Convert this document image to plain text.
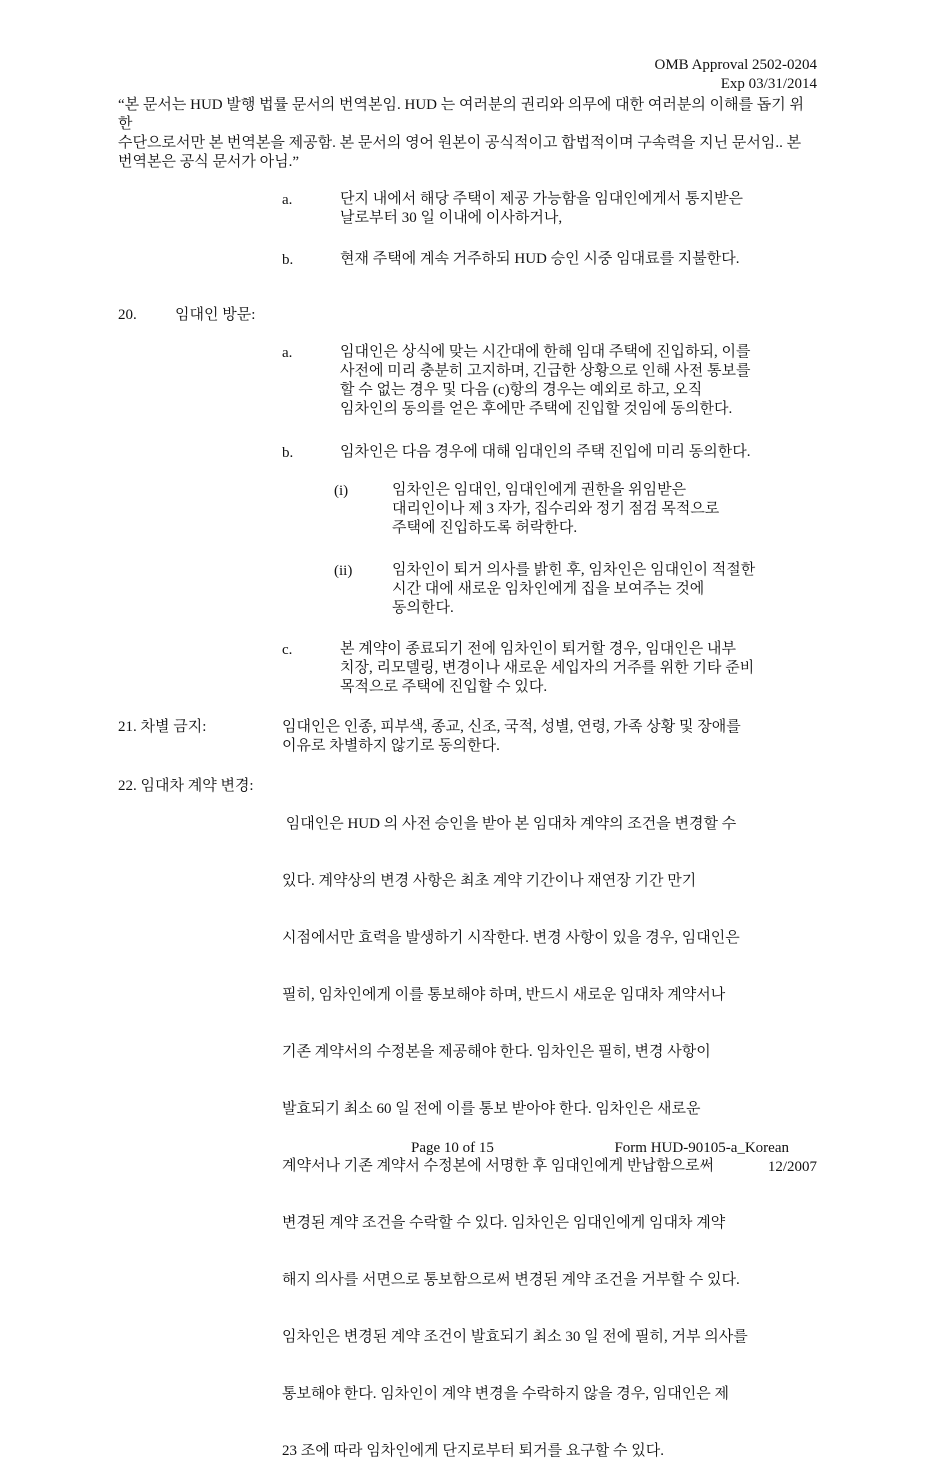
OMB Approval 2502-0204
Exp 03/31/2014
“본 문서는 HUD 발행 법률 문서의 번역본임. HUD 는 여러분의 권리와 의무에 대한 여러분의 이해를 돕기 위한
수단으로서만 본 번역본을 제공함. 본 문서의 영어 원본이 공식적이고 합법적이며 구속력을 지닌 문서임.. 본
번역본은 공식 문서가 아님.”
a.	단지 내에서 해당 주택이 제공 가능함을 임대인에게서 통지받은
날로부터 30 일 이내에 이사하거나,
b.	현재 주택에 계속 거주하되 HUD 승인 시중 임대료를 지불한다.
20.	임대인 방문:
a.	임대인은 상식에 맞는 시간대에 한해 임대 주택에 진입하되, 이를
사전에 미리 충분히 고지하며, 긴급한 상황으로 인해 사전 통보를
할 수 없는 경우 및 다음 (c)항의 경우는 예외로 하고, 오직
임차인의 동의를 얻은 후에만 주택에 진입할 것임에 동의한다.
b.	임차인은 다음 경우에 대해 임대인의 주택 진입에 미리 동의한다.
(i)	임차인은 임대인, 임대인에게 권한을 위임받은
대리인이나 제 3 자가, 집수리와 정기 점검 목적으로
주택에 진입하도록 허락한다.
(ii)	임차인이 퇴거 의사를 밝힌 후, 임차인은 임대인이 적절한
시간 대에 새로운 임차인에게 집을 보여주는 것에
동의한다.
c.	본 계약이 종료되기 전에 임차인이 퇴거할 경우, 임대인은 내부
치장, 리모델링, 변경이나 새로운 세입자의 거주를 위한 기타 준비
목적으로 주택에 진입할 수 있다.
21. 차별 금지:	임대인은 인종, 피부색, 종교, 신조, 국적, 성별, 연령, 가족 상황 및 장애를
이유로 차별하지 않기로 동의한다.
22. 임대차 계약 변경:

임대인은 HUD 의 사전 승인을 받아 본 임대차 계약의 조건을 변경할 수

있다. 계약상의 변경 사항은 최초 계약 기간이나 재연장 기간 만기

시점에서만 효력을 발생하기 시작한다. 변경 사항이 있을 경우, 임대인은

필히, 임차인에게 이를 통보해야 하며, 반드시 새로운 임대차 계약서나

기존 계약서의 수정본을 제공해야 한다. 임차인은 필히, 변경 사항이

발효되기 최소 60 일 전에 이를 통보 받아야 한다. 임차인은 새로운

계약서나 기존 계약서 수정본에 서명한 후 임대인에게 반납함으로써

변경된 계약 조건을 수락할 수 있다. 임차인은 임대인에게 임대차 계약

해지 의사를 서면으로 통보함으로써 변경된 계약 조건을 거부할 수 있다.

임차인은 변경된 계약 조건이 발효되기 최소 30 일 전에 필히, 거부 의사를

통보해야 한다. 임차인이 계약 변경을 수락하지 않을 경우, 임대인은 제

23 조에 따라 임차인에게 단지로부터 퇴거를 요구할 수 있다.

Page 10 of 15	Form HUD-90105-a_Korean
12/2007
